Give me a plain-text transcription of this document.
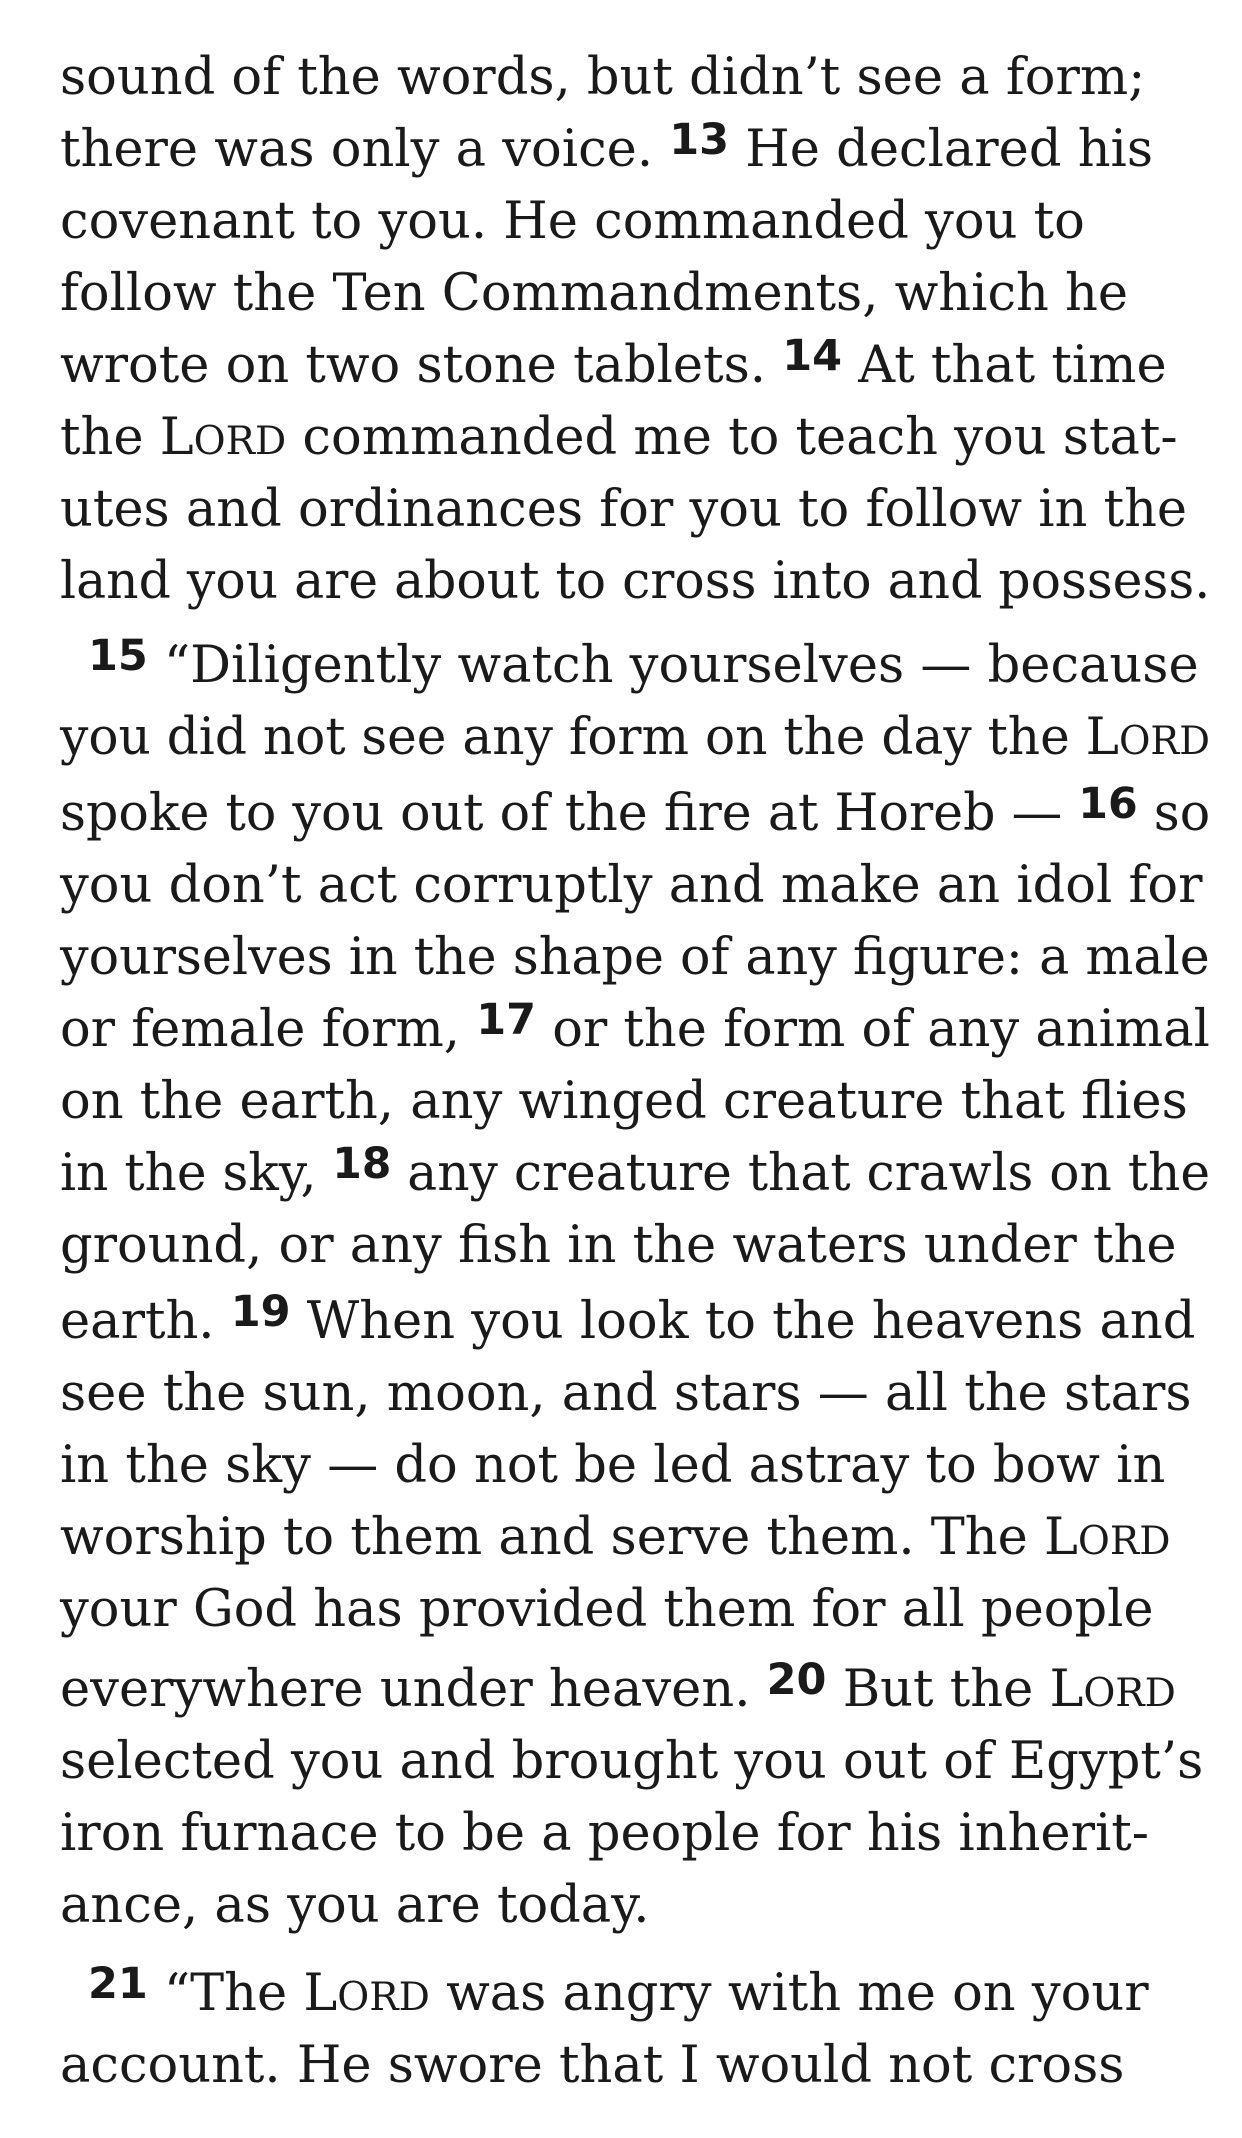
sound of the words, but didn’t see a form;
there was only a voice. $^{13}$ He declared his
covenant to you. He commanded you to
follow the Ten Commandments, which he
wrote on two stone tablets. $^{14}$ At that time
the LORD commanded me to teach you stat-
utes and ordinances for you to follow in the
land you are about to cross into and possess.
$^{15}$ “Diligently watch yourselves — because
you did not see any form on the day the LORD
spoke to you out of the fire at Horeb — $^{16}$ so
you don’t act corruptly and make an idol for
yourselves in the shape of any figure: a male
or female form, $^{17}$ or the form of any animal
on the earth, any winged creature that flies
in the sky, $^{18}$ any creature that crawls on the
ground, or any fish in the waters under the
earth. $^{19}$ When you look to the heavens and
see the sun, moon, and stars — all the stars
in the sky — do not be led astray to bow in
worship to them and serve them. The LORD
your God has provided them for all people
everywhere under heaven. $^{20}$ But the LORD
selected you and brought you out of Egypt’s
iron furnace to be a people for his inherit-
ance, as you are today.
$^{21}$ “The LORD was angry with me on your
account. He swore that I would not cross
